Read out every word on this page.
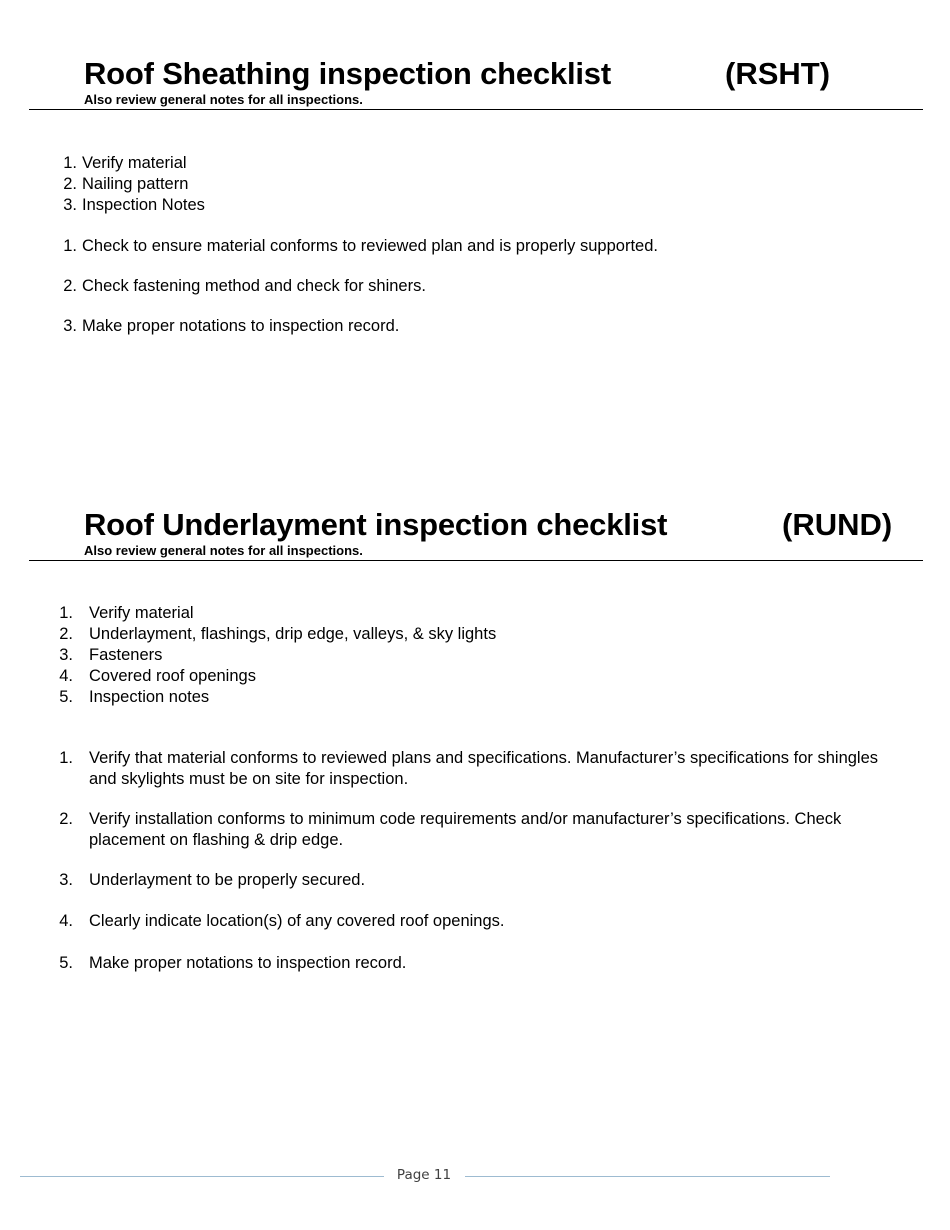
Roof Sheathing inspection checklist	(RSHT)
Also review general notes for all inspections.
1. Verify material
2. Nailing pattern
3. Inspection Notes
1. Check to ensure material conforms to reviewed plan and is properly supported.
2. Check fastening method and check for shiners.
3. Make proper notations to inspection record.
Roof Underlayment inspection checklist	(RUND)
Also review general notes for all inspections.
1. Verify material
2. Underlayment, flashings, drip edge, valleys, & sky lights
3. Fasteners
4. Covered roof openings
5. Inspection notes
1. Verify that material conforms to reviewed plans and specifications. Manufacturer’s specifications for shingles and skylights must be on site for inspection.
2. Verify installation conforms to minimum code requirements and/or manufacturer’s specifications. Check placement on flashing & drip edge.
3. Underlayment to be properly secured.
4. Clearly indicate location(s) of any covered roof openings.
5. Make proper notations to inspection record.
Page 11
